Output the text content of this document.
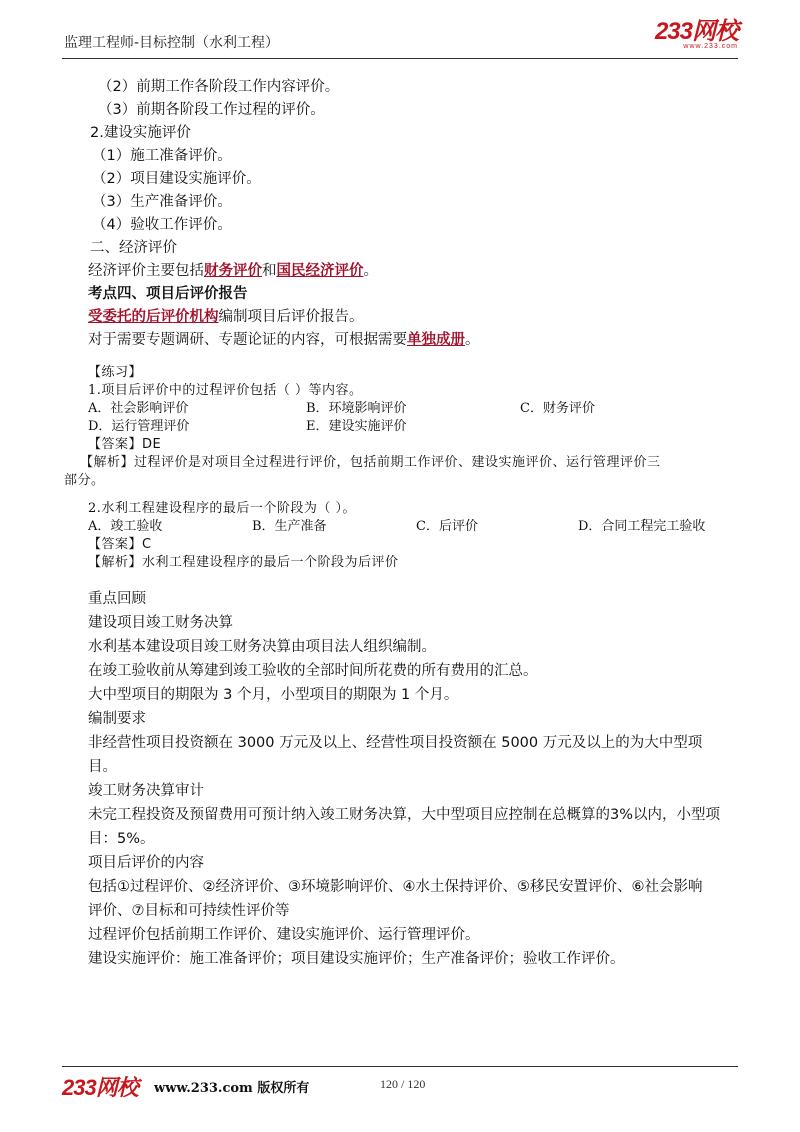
监理工程师-目标控制（水利工程）	233网校
www.233.com
（2）前期工作各阶段工作内容评价。
（3）前期各阶段工作过程的评价。
2.建设实施评价
（1）施工准备评价。
（2）项目建设实施评价。
（3）生产准备评价。
（4）验收工作评价。
二、经济评价
经济评价主要包括财务评价和国民经济评价。
考点四、项目后评价报告
受委托的后评价机构编制项目后评价报告。
对于需要专题调研、专题论证的内容，可根据需要单独成册。
【练习】
1.项目后评价中的过程评价包括（ ）等内容。
A．社会影响评价	B．环境影响评价	C．财务评价
D．运行管理评价	E．建设实施评价
【答案】DE
【解析】过程评价是对项目全过程进行评价，包括前期工作评价、建设实施评价、运行管理评价三
部分。
2.水利工程建设程序的最后一个阶段为（ ）。
A．竣工验收	B．生产准备	C．后评价	D．合同工程完工验收
【答案】C
【解析】水利工程建设程序的最后一个阶段为后评价
重点回顾
建设项目竣工财务决算
水利基本建设项目竣工财务决算由项目法人组织编制。
在竣工验收前从筹建到竣工验收的全部时间所花费的所有费用的汇总。
大中型项目的期限为 3 个月，小型项目的期限为 1 个月。
编制要求
非经营性项目投资额在 3000 万元及以上、经营性项目投资额在 5000 万元及以上的为大中型项
目。
竣工财务决算审计
未完工程投资及预留费用可预计纳入竣工财务决算，大中型项目应控制在总概算的3%以内，小型项
目：5%。
项目后评价的内容
包括①过程评价、②经济评价、③环境影响评价、④水土保持评价、⑤移民安置评价、⑥社会影响
评价、⑦目标和可持续性评价等
过程评价包括前期工作评价、建设实施评价、运行管理评价。
建设实施评价：施工准备评价；项目建设实施评价；生产准备评价；验收工作评价。
233网校 www.233.com 版权所有	120 / 120
